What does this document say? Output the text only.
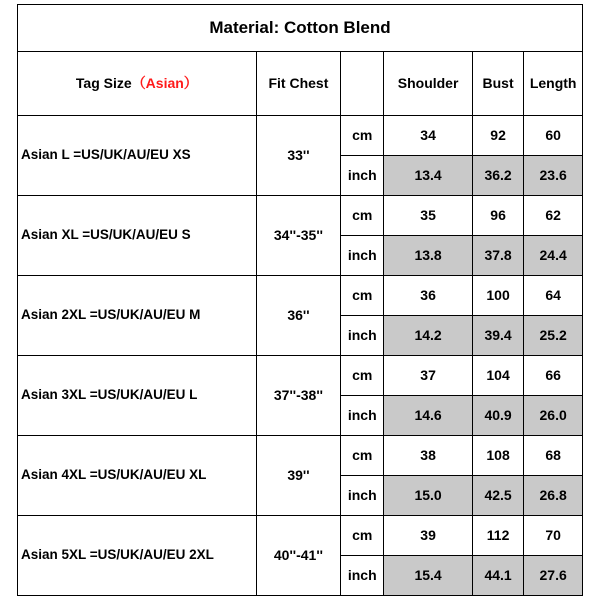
Material: Cotton Blend					
Tag Size（Asian）	Fit Chest		Shoulder	Bust	Length
Asian L =US/UK/AU/EU XS	33''	cm	34	92	60
		inch	13.4	36.2	23.6
Asian XL =US/UK/AU/EU S	34''-35''	cm	35	96	62
		inch	13.8	37.8	24.4
Asian 2XL =US/UK/AU/EU M	36''	cm	36	100	64
		inch	14.2	39.4	25.2
Asian 3XL =US/UK/AU/EU L	37''-38''	cm	37	104	66
		inch	14.6	40.9	26.0
Asian 4XL =US/UK/AU/EU XL	39''	cm	38	108	68
		inch	15.0	42.5	26.8
Asian 5XL =US/UK/AU/EU 2XL	40''-41''	cm	39	112	70
		inch	15.4	44.1	27.6
